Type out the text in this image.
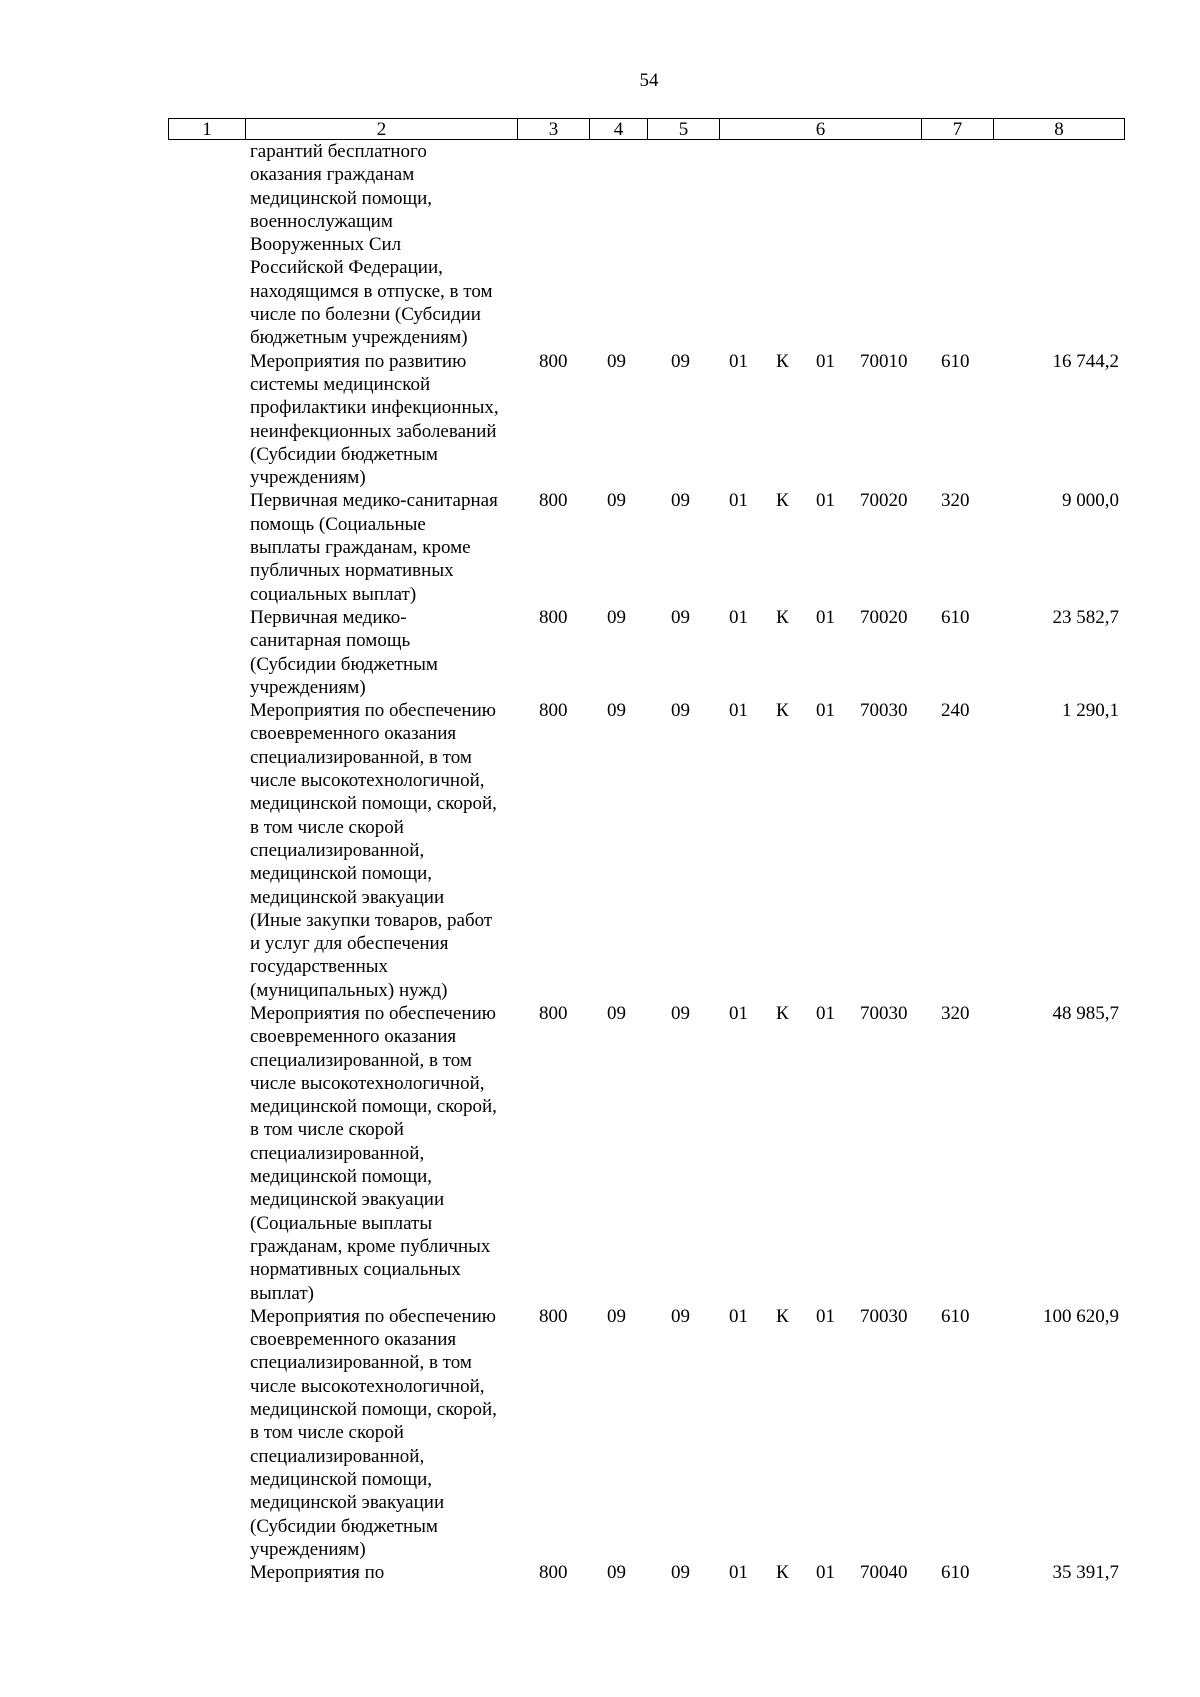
54
1	2	3	4	5	6	7	8
гарантий бесплатного
оказания гражданам
медицинской помощи,
военнослужащим
Вооруженных Сил
Российской Федерации,
находящимся в отпуске, в том
числе по болезни (Субсидии
бюджетным учреждениям)
Мероприятия по развитию
системы медицинской
профилактики инфекционных,
неинфекционных заболеваний
(Субсидии бюджетным
учреждениям)
800 09 09 01 К 01 70010 610	16 744,2
Первичная медико-санитарная
помощь (Социальные
выплаты гражданам, кроме
публичных нормативных
социальных выплат)
800 09 09 01 К 01 70020 320	9 000,0
Первичная медико-
санитарная помощь
(Субсидии бюджетным
учреждениям)
800 09 09 01 К 01 70020 610	23 582,7
Мероприятия по обеспечению
своевременного оказания
специализированной, в том
числе высокотехнологичной,
медицинской помощи, скорой,
в том числе скорой
специализированной,
медицинской помощи,
медицинской эвакуации
(Иные закупки товаров, работ
и услуг для обеспечения
государственных
(муниципальных) нужд)
800 09 09 01 К 01 70030 240	1 290,1
Мероприятия по обеспечению
своевременного оказания
специализированной, в том
числе высокотехнологичной,
медицинской помощи, скорой,
в том числе скорой
специализированной,
медицинской помощи,
медицинской эвакуации
(Социальные выплаты
гражданам, кроме публичных
нормативных социальных
выплат)
800 09 09 01 К 01 70030 320	48 985,7
Мероприятия по обеспечению
своевременного оказания
специализированной, в том
числе высокотехнологичной,
медицинской помощи, скорой,
в том числе скорой
специализированной,
медицинской помощи,
медицинской эвакуации
(Субсидии бюджетным
учреждениям)
800 09 09 01 К 01 70030 610	100 620,9
Мероприятия по	800 09 09 01 К 01 70040 610	35 391,7
